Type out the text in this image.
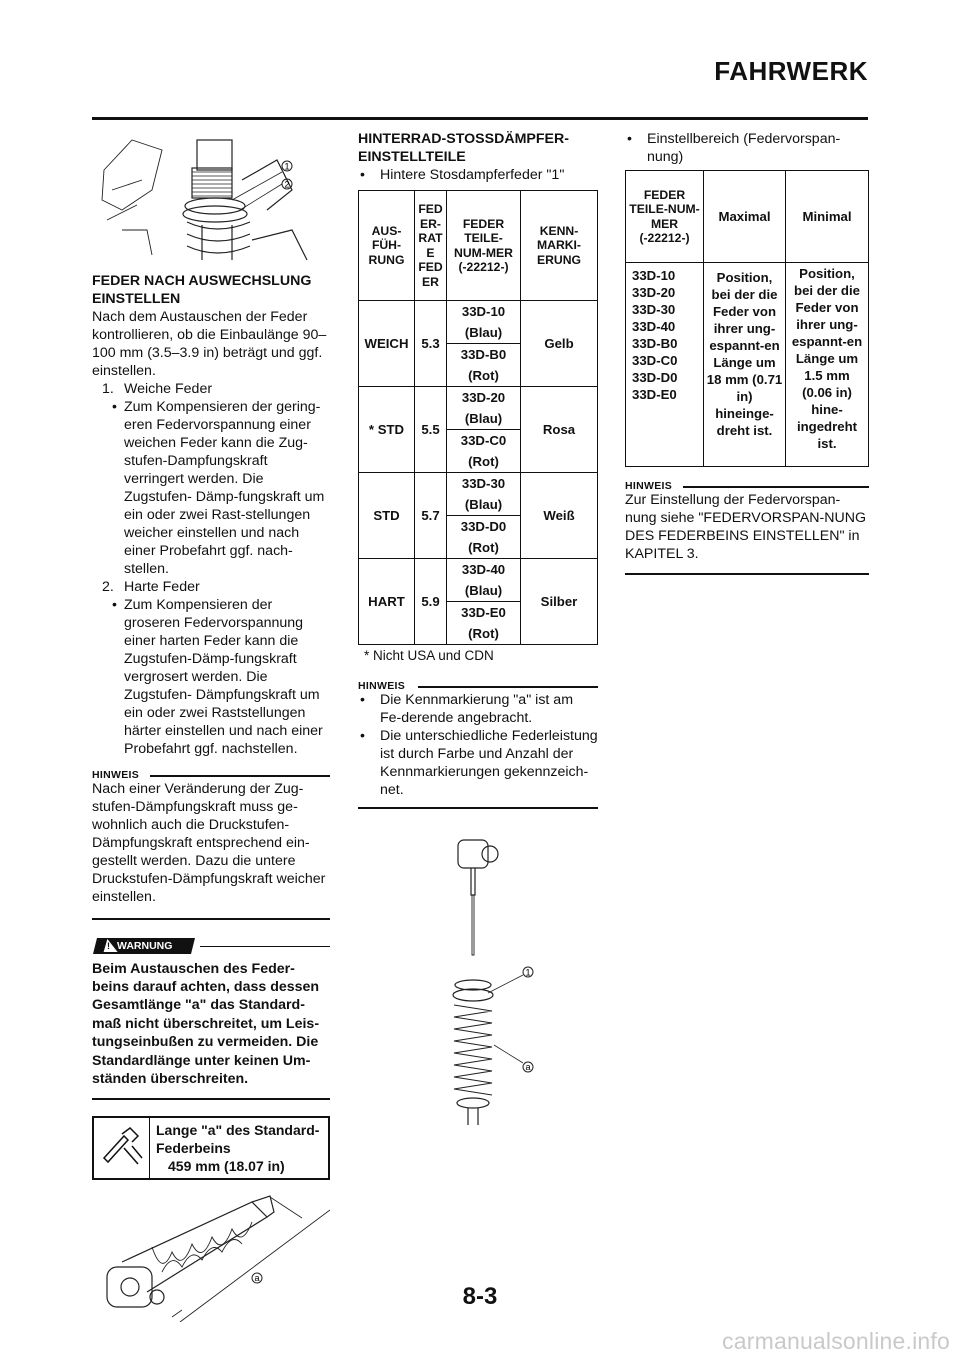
FAHRWERK
1
2
FEDER NACH AUSWECHSLUNG EINSTELLEN
Nach dem Austauschen der Feder kontrollieren, ob die Einbaulänge 90–100 mm (3.5–3.9 in) beträgt und ggf. einstellen.
1. Weiche Feder
• Zum Kompensieren der gering-eren Federvorspannung einer weichen Feder kann die Zug-stufen-Dampfungskraft verringert werden. Die Zugstufen- Dämp-fungskraft um ein oder zwei Rast-stellungen weicher einstellen und nach einer Probefahrt ggf. nach-stellen.
2. Harte Feder
• Zum Kompensieren der groseren Federvorspannung einer harten Feder kann die Zugstufen-Dämp-fungskraft vergrosert werden. Die Zugstufen- Dämpfungskraft um ein oder zwei Raststellungen härter einstellen und nach einer Probefahrt ggf. nachstellen.
HINWEIS
Nach einer Veränderung der Zug-stufen-Dämpfungskraft muss ge-wohnlich auch die Druckstufen-Dämpfungskraft entsprechend ein-gestellt werden. Dazu die untere Druckstufen-Dämpfungskraft weicher einstellen.
WARNUNG
!
Beim Austauschen des Feder-beins darauf achten, dass dessen Gesamtlänge "a" das Standard-maß nicht überschreitet, um Leis-tungseinbußen zu vermeiden. Die Standardlänge unter keinen Um-ständen überschreiten.
Lange "a" des Standard-Federbeins
459 mm (18.07 in)
a
HINTERRAD-STOSSDÄMPFER-EINSTELLTEILE
• Hintere Stosdampferfeder "1"
AUS-FÜH-RUNG	FED ER-RAT E FED ER	FEDER TEILE-NUM-MER (-22212-)	KENN-MARKI-ERUNG
WEICH	5.3	33D-10	Gelb
		(Blau)	
		33D-B0	
		(Rot)	
* STD	5.5	33D-20	Rosa
		(Blau)	
		33D-C0	
		(Rot)	
STD	5.7	33D-30	Weiß
		(Blau)	
		33D-D0	
		(Rot)	
HART	5.9	33D-40	Silber
		(Blau)	
		33D-E0	
		(Rot)	
* Nicht USA und CDN
HINWEIS
• Die Kennmarkierung "a" ist am Fe-derende angebracht.
• Die unterschiedliche Federleistung ist durch Farbe und Anzahl der Kennmarkierungen gekennzeich-net.
1
a
• Einstellbereich (Federvorspan-nung)
FEDER TEILE-NUM-MER (-22212-)	Maximal	Minimal
33D-10 33D-20 33D-30 33D-40 33D-B0 33D-C0 33D-D0 33D-E0	Position, bei der die Feder von ihrer ung-espannt-en Länge um 18 mm (0.71 in) hineinge-dreht ist.	Position, bei der die Feder von ihrer ung-espannt-en Länge um 1.5 mm (0.06 in) hine-ingedreht ist.
HINWEIS
Zur Einstellung der Federvorspan-nung siehe "FEDERVORSPAN-NUNG DES FEDERBEINS EINSTELLEN" in KAPITEL 3.
8-3
carmanualsonline.info
